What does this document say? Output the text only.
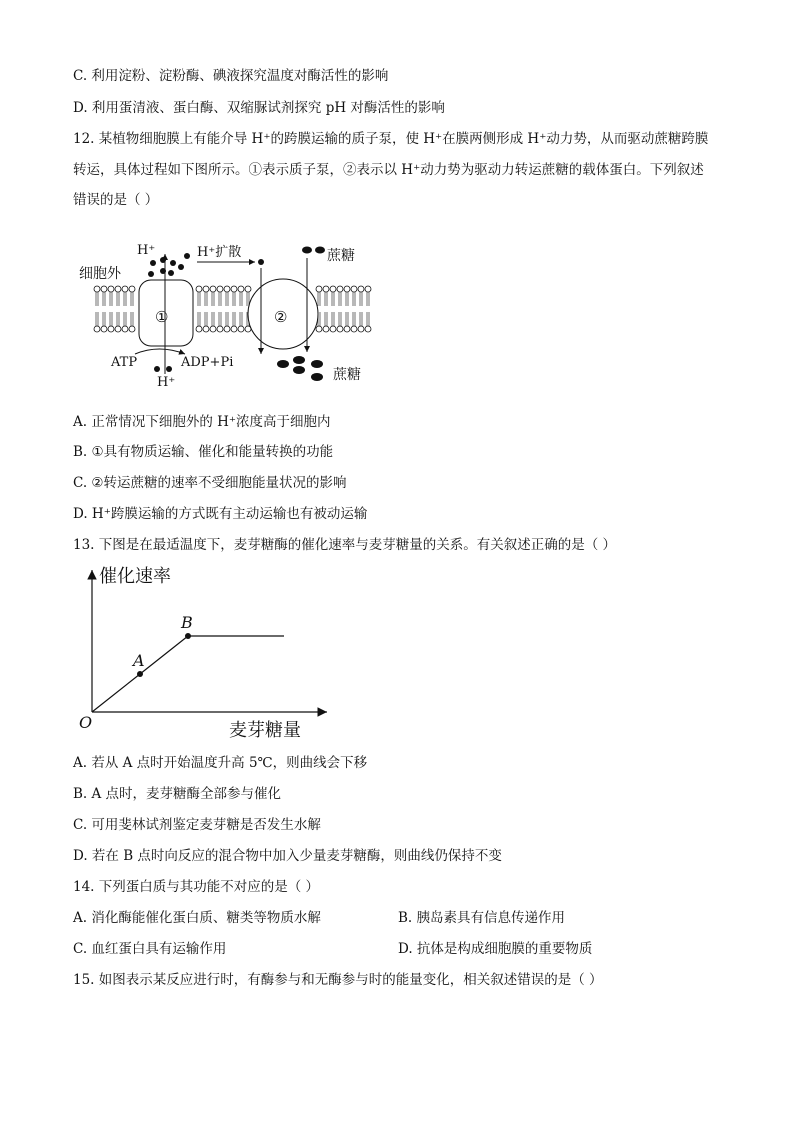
C. 利用淀粉、淀粉酶、碘液探究温度对酶活性的影响
D. 利用蛋清液、蛋白酶、双缩脲试剂探究 pH 对酶活性的影响
12. 某植物细胞膜上有能介导 H⁺的跨膜运输的质子泵，使 H⁺在膜两侧形成 H⁺动力势，从而驱动蔗糖跨膜
转运，具体过程如下图所示。①表示质子泵，②表示以 H⁺动力势为驱动力转运蔗糖的载体蛋白。下列叙述
错误的是（ ）
①	②
细胞外
H⁺	H⁺扩散	蔗糖
ATP	ADP+Pi
H⁺	蔗糖
A. 正常情况下细胞外的 H⁺浓度高于细胞内
B. ①具有物质运输、催化和能量转换的功能
C. ②转运蔗糖的速率不受细胞能量状况的影响
D. H⁺跨膜运输的方式既有主动运输也有被动运输
13. 下图是在最适温度下，麦芽糖酶的催化速率与麦芽糖量的关系。有关叙述正确的是（ ）
催化速率
麦芽糖量
O
A
B
A. 若从 A 点时开始温度升高 5℃，则曲线会下移
B. A 点时，麦芽糖酶全部参与催化
C. 可用斐林试剂鉴定麦芽糖是否发生水解
D. 若在 B 点时向反应的混合物中加入少量麦芽糖酶，则曲线仍保持不变
14. 下列蛋白质与其功能不对应的是（ ）
A. 消化酶能催化蛋白质、糖类等物质水解	B. 胰岛素具有信息传递作用
C. 血红蛋白具有运输作用	D. 抗体是构成细胞膜的重要物质
15. 如图表示某反应进行时，有酶参与和无酶参与时的能量变化，相关叙述错误的是（ ）
